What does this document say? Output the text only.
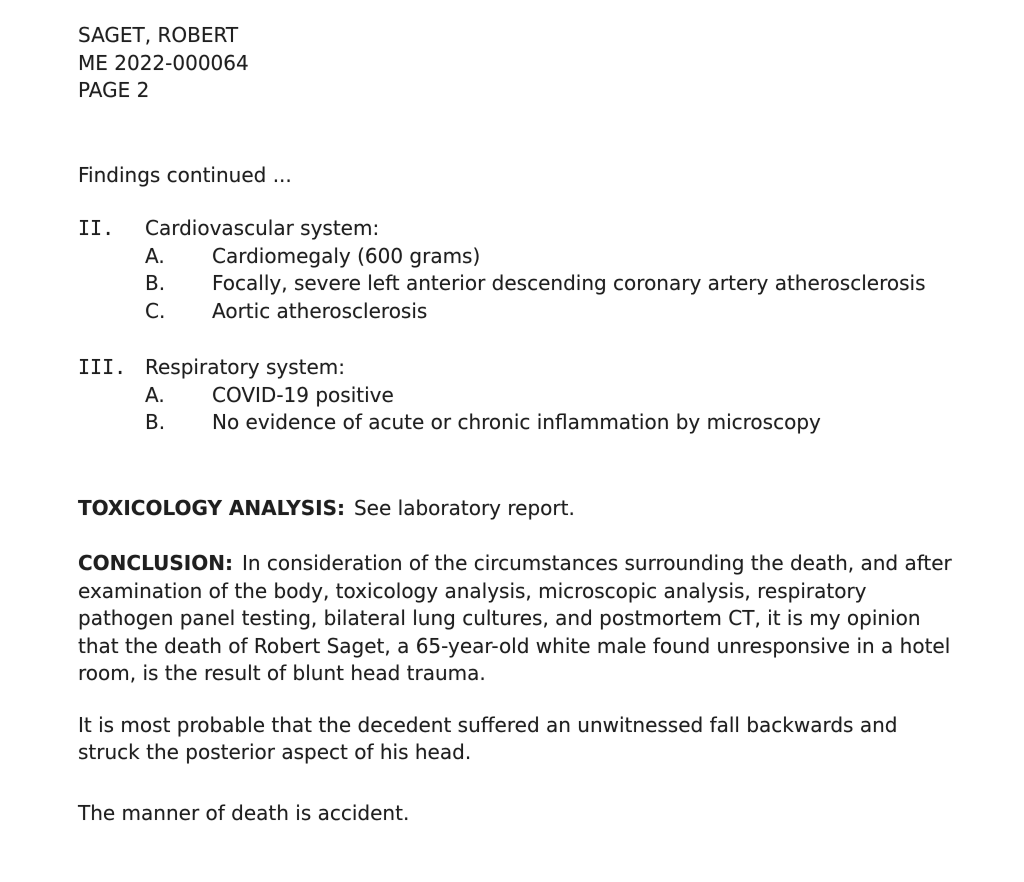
SAGET, ROBERT
ME 2022-000064
PAGE 2
Findings continued ...
II.	Cardiovascular system:
A.	Cardiomegaly (600 grams)
B.	Focally, severe left anterior descending coronary artery atherosclerosis
C.	Aortic atherosclerosis
III. Respiratory system:
A.	COVID-19 positive
B.	No evidence of acute or chronic inflammation by microscopy

TOXICOLOGY ANALYSIS: See laboratory report.

CONCLUSION: In consideration of the circumstances surrounding the death, and after examination of the body, toxicology analysis, microscopic analysis, respiratory pathogen panel testing, bilateral lung cultures, and postmortem CT, it is my opinion that the death of Robert Saget, a 65-year-old white male found unresponsive in a hotel room, is the result of blunt head trauma.

It is most probable that the decedent suffered an unwitnessed fall backwards and struck the posterior aspect of his head.

The manner of death is accident.
